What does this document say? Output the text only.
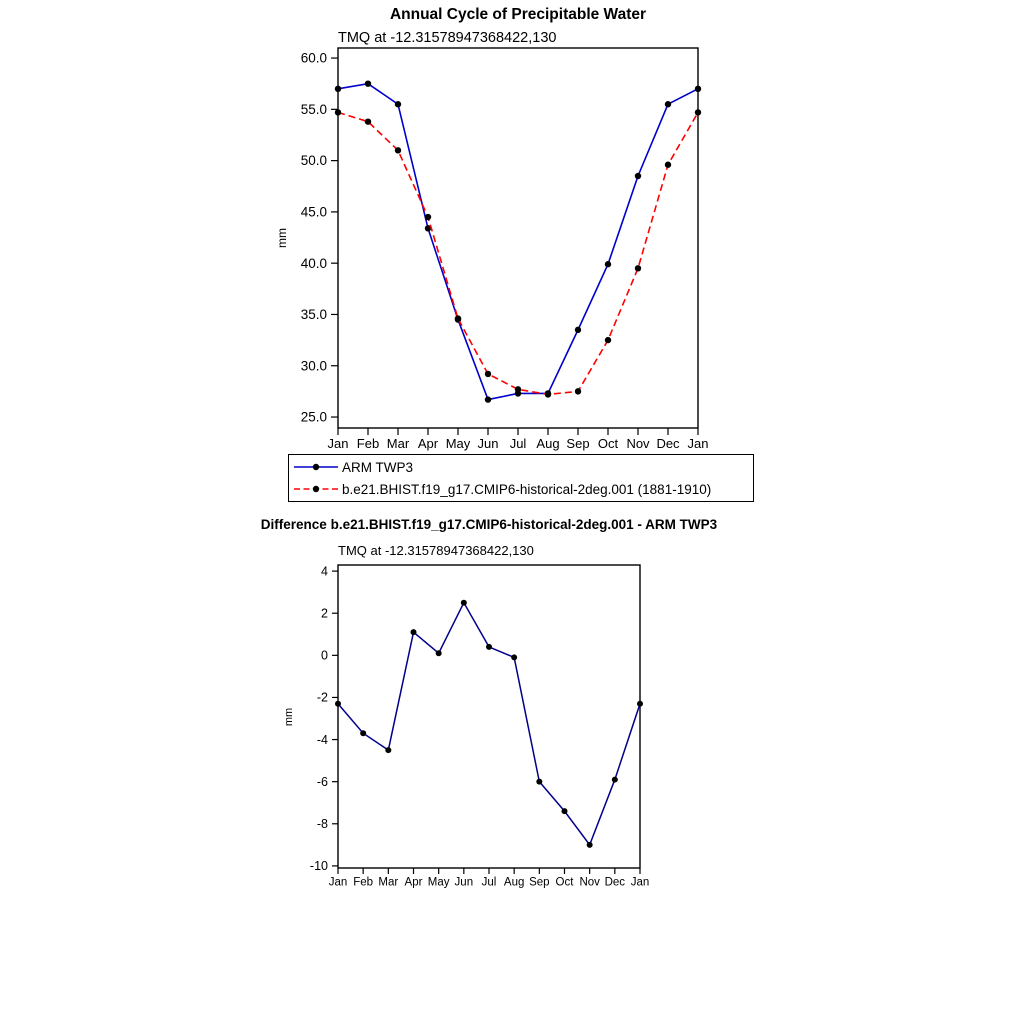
25.0
30.0
35.0
40.0
45.0
50.0
55.0
60.0
Jan Feb Mar Apr May Jun Jul Aug Sep Oct Nov Dec Jan
mm
-10
-8
-6
-4
-2
0
2
4
Jan Feb Mar Apr May Jun Jul Aug Sep Oct Nov Dec Jan
mm
Annual Cycle of Precipitable Water
TMQ at -12.31578947368422,130
ARM TWP3
b.e21.BHIST.f19_g17.CMIP6-historical-2deg.001 (1881-1910)
Difference b.e21.BHIST.f19_g17.CMIP6-historical-2deg.001 - ARM TWP3
TMQ at -12.31578947368422,130
